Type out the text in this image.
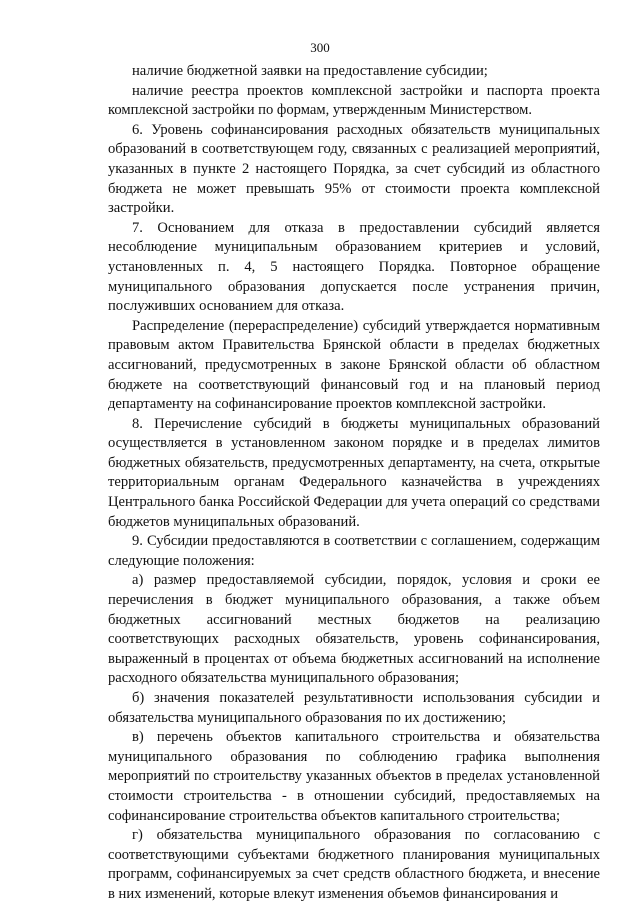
300

наличие бюджетной заявки на предоставление субсидии;

наличие реестра проектов комплексной застройки и паспорта проекта комплексной застройки по формам, утвержденным Министерством.

6. Уровень софинансирования расходных обязательств муниципальных образований в соответствующем году, связанных с реализацией мероприятий, указанных в пункте 2 настоящего Порядка, за счет субсидий из областного бюджета не может превышать 95% от стоимости проекта комплексной застройки.

7. Основанием для отказа в предоставлении субсидий является несоблюдение муниципальным образованием критериев и условий, установленных п. 4, 5 настоящего Порядка. Повторное обращение муниципального образования допускается после устранения причин, послуживших основанием для отказа.

Распределение (перераспределение) субсидий утверждается нормативным правовым актом Правительства Брянской области в пределах бюджетных ассигнований, предусмотренных в законе Брянской области об областном бюджете на соответствующий финансовый год и на плановый период департаменту на софинансирование проектов комплексной застройки.

8. Перечисление субсидий в бюджеты муниципальных образований осуществляется в установленном законом порядке и в пределах лимитов бюджетных обязательств, предусмотренных департаменту, на счета, открытые территориальным органам Федерального казначейства в учреждениях Центрального банка Российской Федерации для учета операций со средствами бюджетов муниципальных образований.

9. Субсидии предоставляются в соответствии с соглашением, содержащим следующие положения:

а) размер предоставляемой субсидии, порядок, условия и сроки ее перечисления в бюджет муниципального образования, а также объем бюджетных ассигнований местных бюджетов на реализацию соответствующих расходных обязательств, уровень софинансирования, выраженный в процентах от объема бюджетных ассигнований на исполнение расходного обязательства муниципального образования;

б) значения показателей результативности использования субсидии и обязательства муниципального образования по их достижению;

в) перечень объектов капитального строительства и обязательства муниципального образования по соблюдению графика выполнения мероприятий по строительству указанных объектов в пределах установленной стоимости строительства - в отношении субсидий, предоставляемых на софинансирование строительства объектов капитального строительства;

г) обязательства муниципального образования по согласованию с соответствующими субъектами бюджетного планирования муниципальных программ, софинансируемых за счет средств областного бюджета, и внесение в них изменений, которые влекут изменения объемов финансирования и
